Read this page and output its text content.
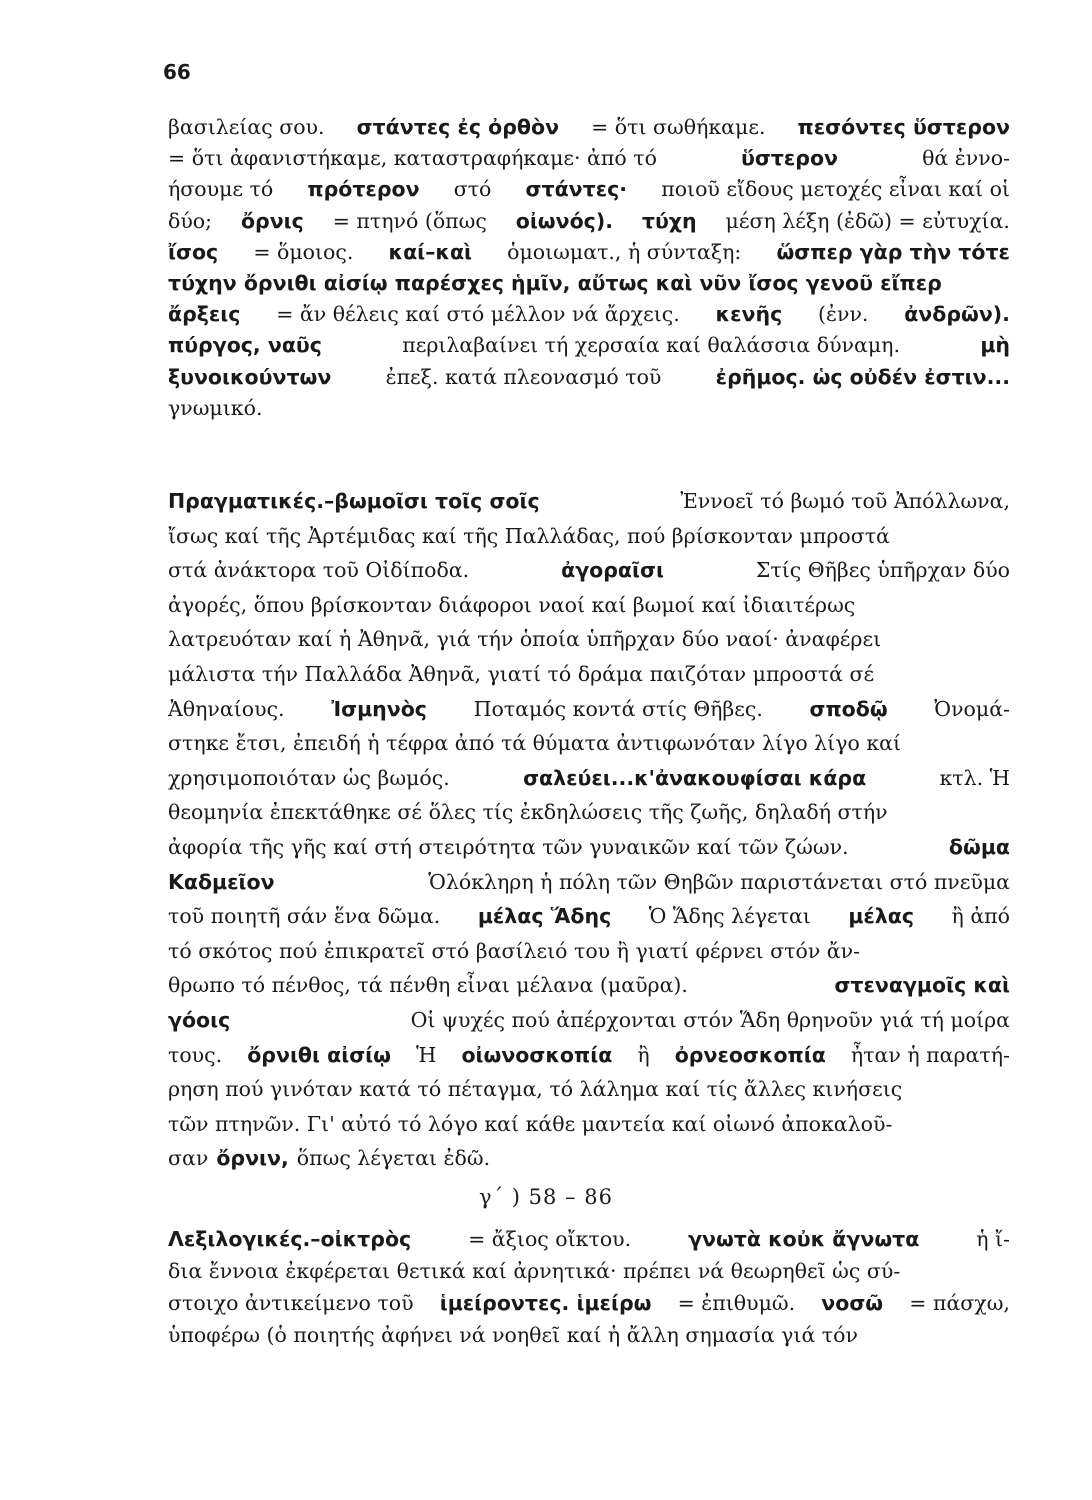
66
βασιλείας σου. στάντες ἐς ὀρθὸν = ὅτι σωθήκαμε. πεσόντες ὕστερον
= ὅτι ἀφανιστήκαμε, καταστραφήκαμε· ἀπό τό	ὕστερον	θά ἐννο-
ήσουμε τό πρότερον στό στάντες· ποιοῦ εἴδους μετοχές εἶναι καί οἱ
δύο; ὄρνις = πτηνό (ὅπως οἰωνός). τύχη μέση λέξη (ἐδῶ) = εὐτυχία.
ἴσος = ὅμοιος. καί–καὶ ὁμοιωματ., ἡ σύνταξη: ὥσπερ γὰρ τὴν τότε
τύχην ὄρνιθι αἰσίῳ παρέσχες ἡμῖν, αὔτως καὶ νῦν ἴσος γενοῦ εἴπερ
ἄρξεις = ἄν θέλεις καί στό μέλλον νά ἄρχεις. κενῆς (ἐνν. ἀνδρῶν).
πύργος, ναῦς	περιλαβαίνει τή χερσαία καί θαλάσσια δύναμη.	μὴ
ξυνοικούντων	ἐπεξ. κατά πλεονασμό τοῦ	ἐρῆμος. ὡς οὐδέν ἐστιν...
γνωμικό.
Πραγματικές.–βωμοῖσι τοῖς σοῖς	Ἐννοεῖ τό βωμό τοῦ Ἀπόλλωνα,
ἴσως καί τῆς Ἀρτέμιδας καί τῆς Παλλάδας, πού βρίσκονταν μπροστά
στά ἀνάκτορα τοῦ Οἰδίποδα.	ἀγοραῖσι	Στίς Θῆβες ὑπῆρχαν δύο
ἀγορές, ὅπου βρίσκονταν διάφοροι ναοί καί βωμοί καί ἰδιαιτέρως
λατρευόταν καί ἡ Ἀθηνᾶ, γιά τήν ὁποία ὑπῆρχαν δύο ναοί· ἀναφέρει
μάλιστα τήν Παλλάδα Ἀθηνᾶ, γιατί τό δράμα παιζόταν μπροστά σέ
Ἀθηναίους. Ἰσμηνὸς Ποταμός κοντά στίς Θῆβες. σποδῷ Ὀνομά-
στηκε ἔτσι, ἐπειδή ἡ τέφρα ἀπό τά θύματα ἀντιφωνόταν λίγο λίγο καί
χρησιμοποιόταν ὡς βωμός.	σαλεύει...κ'ἀνακουφίσαι κάρα	κτλ. Ἡ
θεομηνία ἐπεκτάθηκε σέ ὅλες τίς ἐκδηλώσεις τῆς ζωῆς, δηλαδή στήν
ἀφορία τῆς γῆς καί στή στειρότητα τῶν γυναικῶν καί τῶν ζώων.	δῶμα
Καδμεῖον	Ὁλόκληρη ἡ πόλη τῶν Θηβῶν παριστάνεται στό πνεῦμα
τοῦ ποιητῆ σάν ἕνα δῶμα. μέλας Ἅδης Ὁ Ἅδης λέγεται μέλας ἢ ἀπό
τό σκότος πού ἐπικρατεῖ στό βασίλειό του ἢ γιατί φέρνει στόν ἄν-
θρωπο τό πένθος, τά πένθη εἶναι μέλανα (μαῦρα).	στεναγμοῖς καὶ
γόοις	Οἱ ψυχές πού ἀπέρχονται στόν Ἅδη θρηνοῦν γιά τή μοίρα
τους. ὄρνιθι αἰσίῳ Ἡ οἰωνοσκοπία ἢ ὀρνεοσκοπία ἦταν ἡ παρατή-
ρηση πού γινόταν κατά τό πέταγμα, τό λάλημα καί τίς ἄλλες κινήσεις
τῶν πτηνῶν. Γι' αὐτό τό λόγο καί κάθε μαντεία καί οἰωνό ἀποκαλοῦ-
σαν ὄρνιν, ὅπως λέγεται ἐδῶ.
γ΄ ) 58 – 86
Λεξιλογικές.–οἰκτρὸς	= ἄξιος οἴκτου.	γνωτὰ κοὐκ ἄγνωτα	ἡ ἴ-
δια ἔννοια ἐκφέρεται θετικά καί ἀρνητικά· πρέπει νά θεωρηθεῖ ὡς σύ-
στοιχο ἀντικείμενο τοῦ ἱμείροντες. ἱμείρω = ἐπιθυμῶ. νοσῶ = πάσχω,
ὑποφέρω (ὁ ποιητής ἀφήνει νά νοηθεῖ καί ἡ ἄλλη σημασία γιά τόν
